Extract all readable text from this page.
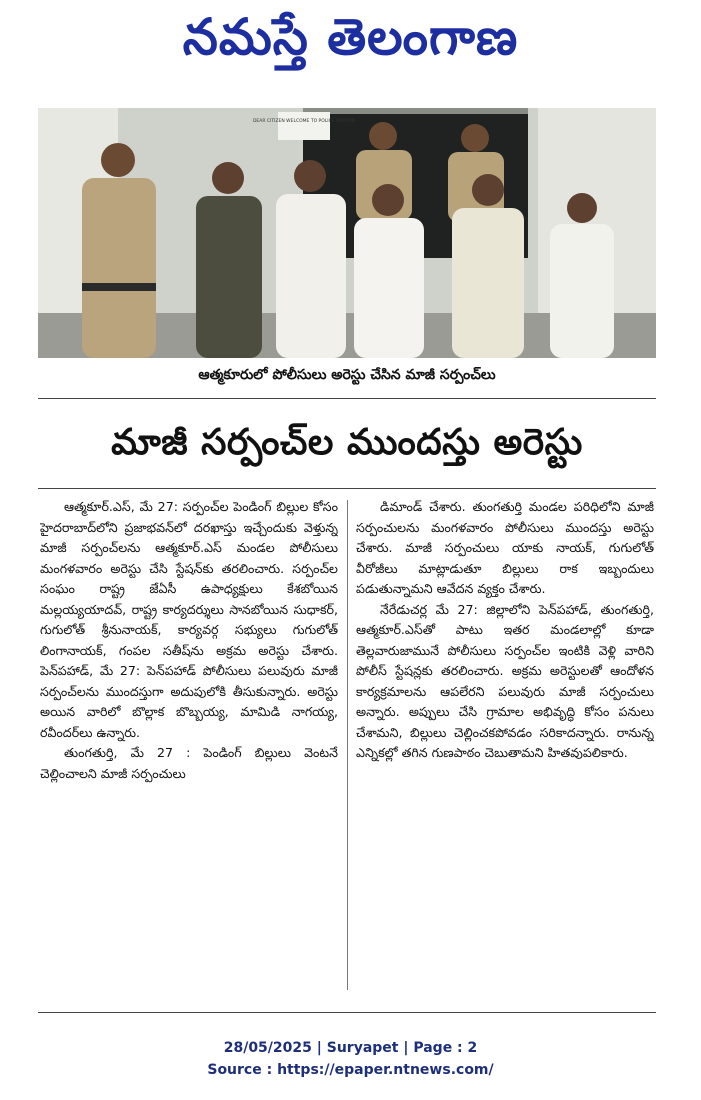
నమస్తే తెలంగాణ
DEAR CITIZEN WELCOME TO POLICE STATION
ఆత్మకూరులో పోలీసులు అరెస్టు చేసిన మాజీ సర్పంచ్‌లు
మాజీ సర్పంచ్‌ల ముందస్తు అరెస్టు

ఆత్మకూర్.ఎస్, మే 27: సర్పంచ్‌ల పెండింగ్ బిల్లుల కోసం హైదరాబాద్‌లోని ప్రజాభవన్‌లో దరఖాస్తు ఇచ్చేందుకు వెళ్తున్న మాజీ సర్పంచ్‌లను ఆత్మకూర్.ఎస్ మండల పోలీసులు మంగళవారం అరెస్టు చేసి స్టేషన్‌కు తరలించారు. సర్పంచ్‌ల సంఘం రాష్ట్ర జేఏసీ ఉపాధ్యక్షులు కేశబోయిన మల్లయ్యయాదవ్, రాష్ట్ర కార్యదర్శులు సానబోయిన సుధాకర్, గుగులోత్ శ్రీనునాయక్, కార్యవర్గ సభ్యులు గుగులోత్ లింగానాయక్, గంపల సతీష్‌ను అక్రమ అరెస్టు చేశారు. పెన్‌పహాడ్, మే 27: పెన్‌పహాడ్ పోలీసులు పలువురు మాజీ సర్పంచ్‌లను ముందస్తుగా అదుపులోకి తీసుకున్నారు. అరెస్టు అయిన వారిలో బొల్లాక బొబ్బయ్య, మామిడి నాగయ్య, రవీందర్‌లు ఉన్నారు.

తుంగతుర్తి, మే 27 : పెండింగ్ బిల్లులు వెంటనే చెల్లించాలని మాజీ సర్పంచులు

డిమాండ్ చేశారు. తుంగతుర్తి మండల పరిధిలోని మాజీ సర్పంచులను మంగళవారం పోలీసులు ముందస్తు అరెస్టు చేశారు. మాజీ సర్పంచులు యాకు నాయక్, గుగులోత్ వీరోజీలు మాట్లాడుతూ బిల్లులు రాక ఇబ్బందులు పడుతున్నామని ఆవేదన వ్యక్తం చేశారు.

నేరేడుచర్ల మే 27: జిల్లాలోని పెన్‌పహాడ్, తుంగతుర్తి, ఆత్మకూర్.ఎస్‌తో పాటు ఇతర మండలాల్లో కూడా తెల్లవారుజామునే పోలీసులు సర్పంచ్‌ల ఇంటికి వెళ్లి వారిని పోలీస్ స్టేషన్లకు తరలించారు. అక్రమ అరెస్టులతో ఆందోళన కార్యక్రమాలను ఆపలేరని పలువురు మాజీ సర్పంచులు అన్నారు. అప్పులు చేసి గ్రామాల అభివృద్ధి కోసం పనులు చేశామని, బిల్లులు చెల్లించకపోవడం సరికాదన్నారు. రానున్న ఎన్నికల్లో తగిన గుణపాఠం చెబుతామని హితవుపలికారు.

28/05/2025 | Suryapet | Page : 2
Source : https://epaper.ntnews.com/
